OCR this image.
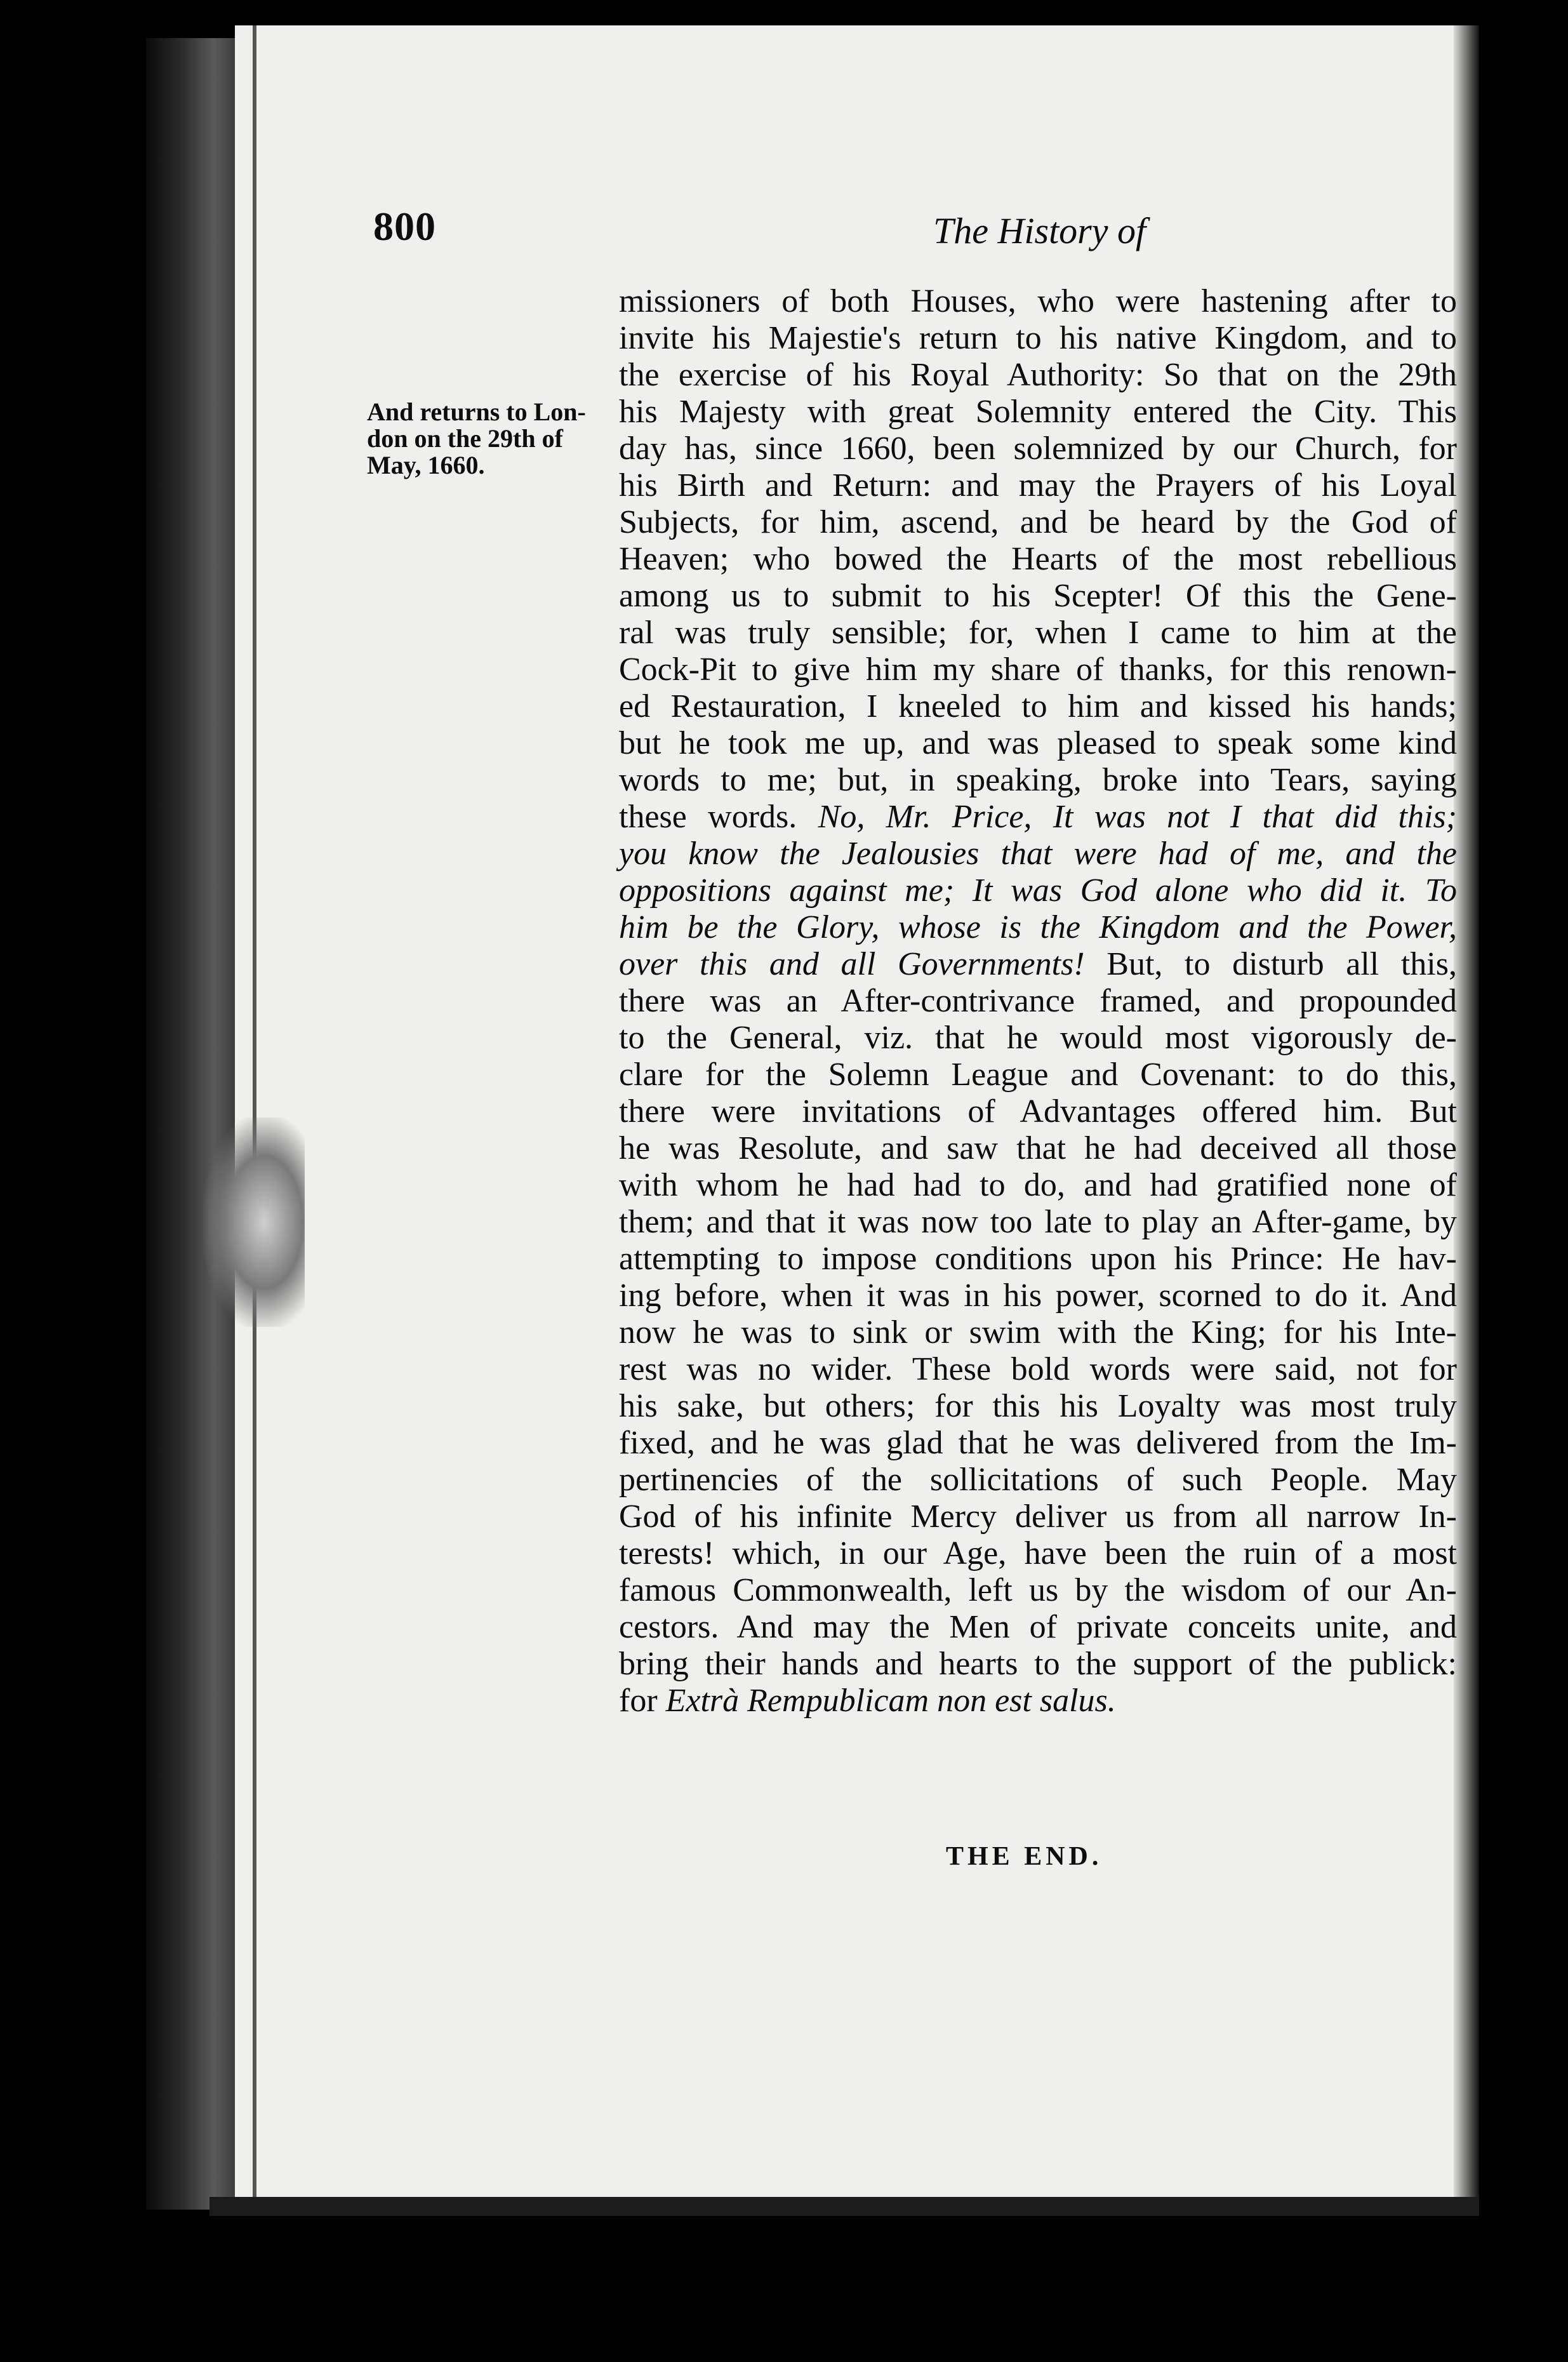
800	The History of
And returns to Lon-
don on the 29th of
May, 1660.
missioners of both Houses, who were hastening after to
invite his Majestie's return to his native Kingdom, and to
the exercise of his Royal Authority: So that on the 29th
his Majesty with great Solemnity entered the City. This
day has, since 1660, been solemnized by our Church, for
his Birth and Return: and may the Prayers of his Loyal
Subjects, for him, ascend, and be heard by the God of
Heaven; who bowed the Hearts of the most rebellious
among us to submit to his Scepter! Of this the Gene-
ral was truly sensible; for, when I came to him at the
Cock-Pit to give him my share of thanks, for this renown-
ed Restauration, I kneeled to him and kissed his hands;
but he took me up, and was pleased to speak some kind
words to me; but, in speaking, broke into Tears, saying
these words. No, Mr. Price, It was not I that did this;
you know the Jealousies that were had of me, and the
oppositions against me; It was God alone who did it. To
him be the Glory, whose is the Kingdom and the Power,
over this and all Governments! But, to disturb all this,
there was an After-contrivance framed, and propounded
to the General, viz. that he would most vigorously de-
clare for the Solemn League and Covenant: to do this,
there were invitations of Advantages offered him. But
he was Resolute, and saw that he had deceived all those
with whom he had had to do, and had gratified none of
them; and that it was now too late to play an After-game, by
attempting to impose conditions upon his Prince: He hav-
ing before, when it was in his power, scorned to do it. And
now he was to sink or swim with the King; for his Inte-
rest was no wider. These bold words were said, not for
his sake, but others; for this his Loyalty was most truly
fixed, and he was glad that he was delivered from the Im-
pertinencies of the sollicitations of such People. May
God of his infinite Mercy deliver us from all narrow In-
terests! which, in our Age, have been the ruin of a most
famous Commonwealth, left us by the wisdom of our An-
cestors. And may the Men of private conceits unite, and
bring their hands and hearts to the support of the publick:
for Extrà Rempublicam non est salus.
THE END.
